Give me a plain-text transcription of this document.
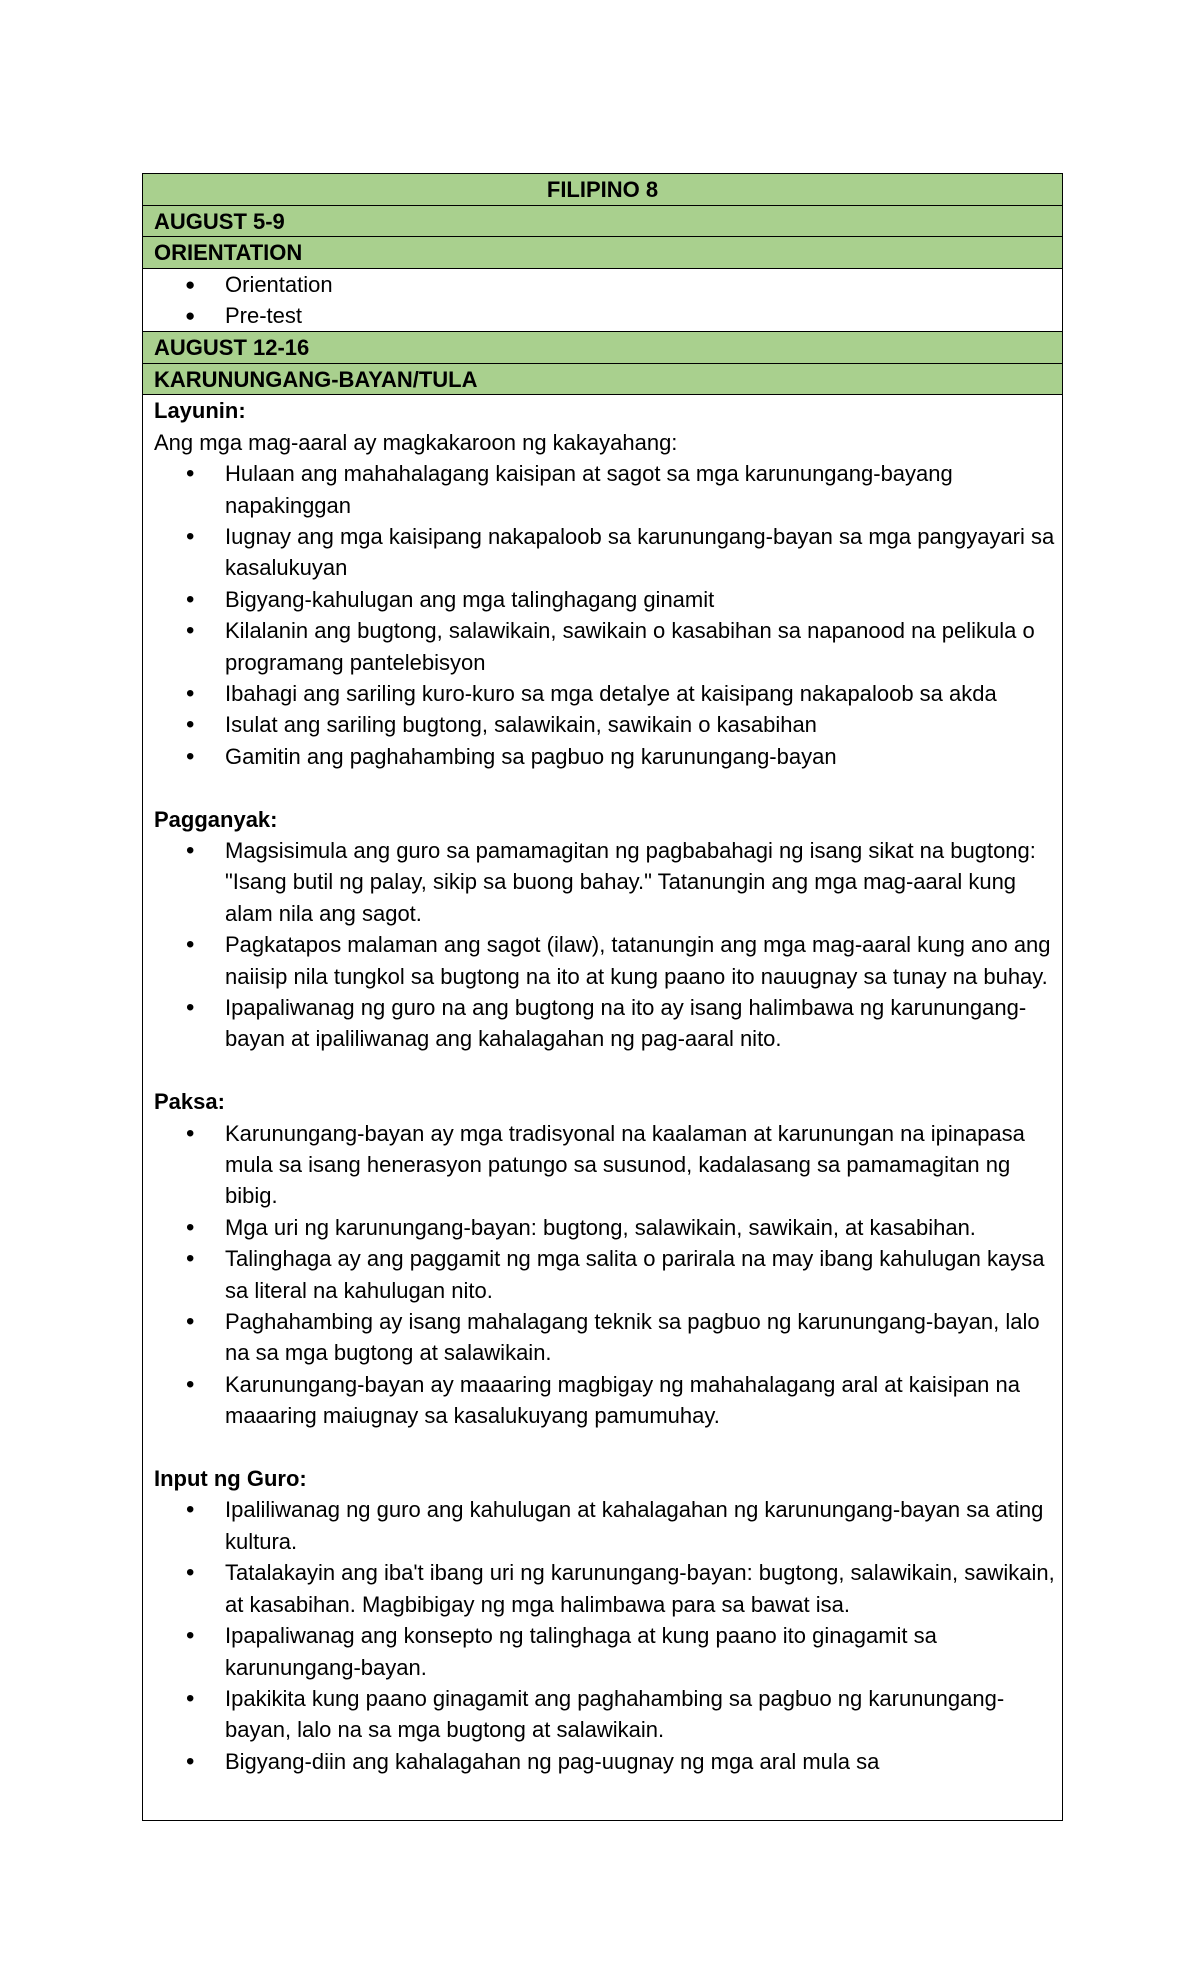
FILIPINO 8
AUGUST 5-9
ORIENTATION
● Orientation
● Pre-test
AUGUST 12-16
KARUNUNGANG-BAYAN/TULA
Layunin:
Ang mga mag-aaral ay magkakaroon ng kakayahang:
• Hulaan ang mahahalagang kaisipan at sagot sa mga karunungang-bayang napakinggan
• Iugnay ang mga kaisipang nakapaloob sa karunungang-bayan sa mga pangyayari sa kasalukuyan
• Bigyang-kahulugan ang mga talinghagang ginamit
• Kilalanin ang bugtong, salawikain, sawikain o kasabihan sa napanood na pelikula o programang pantelebisyon
• Ibahagi ang sariling kuro-kuro sa mga detalye at kaisipang nakapaloob sa akda
• Isulat ang sariling bugtong, salawikain, sawikain o kasabihan
• Gamitin ang paghahambing sa pagbuo ng karunungang-bayan
Pagganyak:
• Magsisimula ang guro sa pamamagitan ng pagbabahagi ng isang sikat na bugtong: "Isang butil ng palay, sikip sa buong bahay." Tatanungin ang mga mag-aaral kung alam nila ang sagot.
• Pagkatapos malaman ang sagot (ilaw), tatanungin ang mga mag-aaral kung ano ang naiisip nila tungkol sa bugtong na ito at kung paano ito nauugnay sa tunay na buhay.
• Ipapaliwanag ng guro na ang bugtong na ito ay isang halimbawa ng karunungang-bayan at ipaliliwanag ang kahalagahan ng pag-aaral nito.
Paksa:
• Karunungang-bayan ay mga tradisyonal na kaalaman at karunungan na ipinapasa mula sa isang henerasyon patungo sa susunod, kadalasang sa pamamagitan ng bibig.
• Mga uri ng karunungang-bayan: bugtong, salawikain, sawikain, at kasabihan.
• Talinghaga ay ang paggamit ng mga salita o parirala na may ibang kahulugan kaysa sa literal na kahulugan nito.
• Paghahambing ay isang mahalagang teknik sa pagbuo ng karunungang-bayan, lalo na sa mga bugtong at salawikain.
• Karunungang-bayan ay maaaring magbigay ng mahahalagang aral at kaisipan na maaaring maiugnay sa kasalukuyang pamumuhay.
Input ng Guro:
• Ipaliliwanag ng guro ang kahulugan at kahalagahan ng karunungang-bayan sa ating kultura.
• Tatalakayin ang iba't ibang uri ng karunungang-bayan: bugtong, salawikain, sawikain, at kasabihan. Magbibigay ng mga halimbawa para sa bawat isa.
• Ipapaliwanag ang konsepto ng talinghaga at kung paano ito ginagamit sa karunungang-bayan.
• Ipakikita kung paano ginagamit ang paghahambing sa pagbuo ng karunungang-bayan, lalo na sa mga bugtong at salawikain.
• Bigyang-diin ang kahalagahan ng pag-uugnay ng mga aral mula sa
